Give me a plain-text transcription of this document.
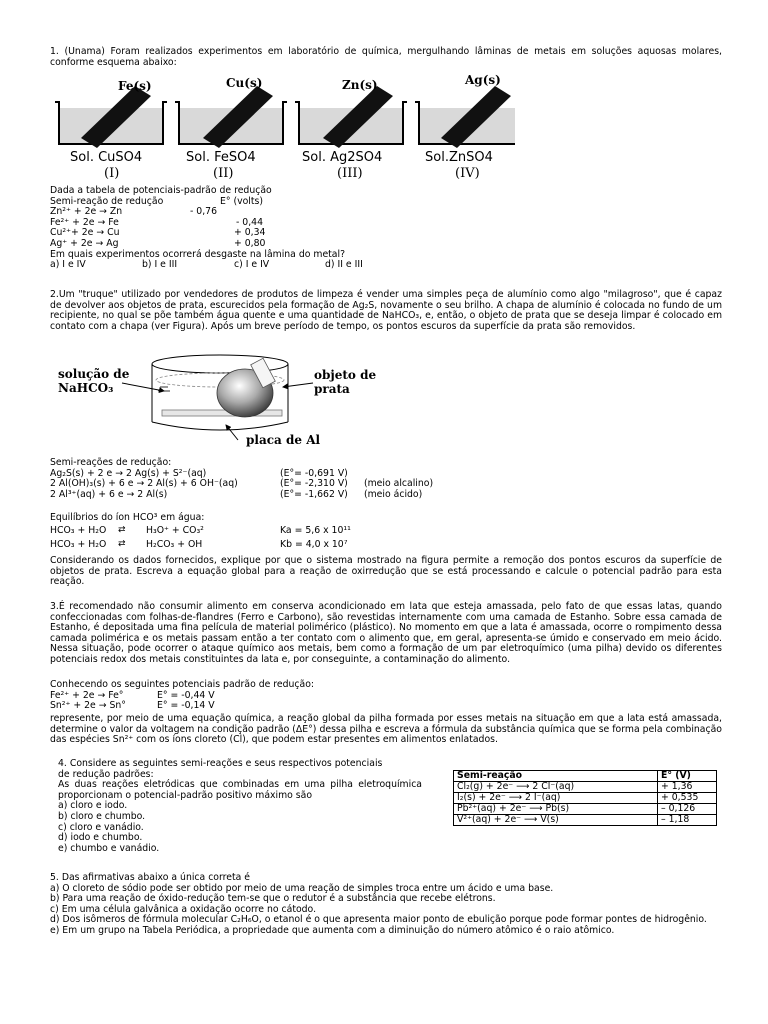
1. (Unama) Foram realizados experimentos em laboratório de química, mergulhando lâminas de metais em soluções aquosas molares, conforme esquema abaixo:
Fe(s)	Cu(s)	Zn(s)	Ag(s)
Sol. CuSO4	Sol. FeSO4	Sol. Ag2SO4	Sol.ZnSO4
(I)	(II)	(III)	(IV)
Dada a tabela de potenciais-padrão de redução
Semi-reação de redução	E° (volts)
Zn²⁺ + 2e → Zn	- 0,76
Fe²⁺ + 2e → Fe	- 0,44
Cu²⁺+ 2e → Cu	+ 0,34
Ag⁺ + 2e → Ag	+ 0,80
Em quais experimentos ocorrerá desgaste na lâmina do metal?
a) I e IV	b) I e III	c) I e IV	d) II e III
2.Um "truque" utilizado por vendedores de produtos de limpeza é vender uma simples peça de alumínio como algo "milagroso", que é capaz de devolver aos objetos de prata, escurecidos pela formação de Ag₂S, novamente o seu brilho. A chapa de alumínio é colocada no fundo de um recipiente, no qual se põe também água quente e uma quantidade de NaHCO₃, e, então, o objeto de prata que se deseja limpar é colocado em contato com a chapa (ver Figura). Após um breve período de tempo, os pontos escuros da superfície da prata são removidos.
solução de NaHCO₃
objeto de prata
placa de Al
Semi-reações de redução:
Ag₂S(s) + 2 e → 2 Ag(s) + S²⁻(aq)	(E°= -0,691 V)
2 Al(OH)₃(s) + 6 e → 2 Al(s) + 6 OH⁻(aq)	(E°= -2,310 V) (meio alcalino)
2 Al³⁺(aq) + 6 e → 2 Al(s)	(E°= -1,662 V) (meio ácido)
Equilíbrios do íon HCO³ em água:
HCO₃ + H₂O ⇄ H₃O⁺ + CO₃²	Ka = 5,6 x 10¹¹
HCO₃ + H₂O ⇄ H₂CO₃ + OH	Kb = 4,0 x 10⁷
Considerando os dados fornecidos, explique por que o sistema mostrado na figura permite a remoção dos pontos escuros da superfície de objetos de prata. Escreva a equação global para a reação de oxirredução que se está processando e calcule o potencial padrão para esta reação.
3.É recomendado não consumir alimento em conserva acondicionado em lata que esteja amassada, pelo fato de que essas latas, quando confeccionadas com folhas-de-flandres (Ferro e Carbono), são revestidas internamente com uma camada de Estanho. Sobre essa camada de Estanho, é depositada uma fina película de material polimérico (plástico). No momento em que a lata é amassada, ocorre o rompimento dessa camada polimérica e os metais passam então a ter contato com o alimento que, em geral, apresenta-se úmido e conservado em meio ácido. Nessa situação, pode ocorrer o ataque químico aos metais, bem como a formação de um par eletroquímico (uma pilha) devido os diferentes potenciais redox dos metais constituintes da lata e, por conseguinte, a contaminação do alimento.
Conhecendo os seguintes potenciais padrão de redução:
Fe²⁺ + 2e → Fe°	E° = -0,44 V
Sn²⁺ + 2e → Sn°	E° = -0,14 V
represente, por meio de uma equação química, a reação global da pilha formada por esses metais na situação em que a lata está amassada, determine o valor da voltagem na condição padrão (ΔE°) dessa pilha e escreva a fórmula da substância química que se forma pela combinação das espécies Sn²⁺ com os íons cloreto (Cl), que podem estar presentes em alimentos enlatados.
4. Considere as seguintes semi-reações e seus respectivos potenciais
de redução padrões:
As duas reações eletródicas que combinadas em uma pilha eletroquímica proporcionam o potencial-padrão positivo máximo são
a) cloro e iodo.
b) cloro e chumbo.
c) cloro e vanádio.
d) iodo e chumbo.
e) chumbo e vanádio.
Semi-reação	E° (V)
Cl₂(g) + 2e⁻ ⟶ 2 Cl⁻(aq)	+ 1,36
I₂(s) + 2e⁻ ⟶ 2 I⁻(aq)	+ 0,535
Pb²⁺(aq) + 2e⁻ ⟶ Pb(s)	– 0,126
V²⁺(aq) + 2e⁻ ⟶ V(s)	– 1,18
5. Das afirmativas abaixo a única correta é
a) O cloreto de sódio pode ser obtido por meio de uma reação de simples troca entre um ácido e uma base.
b) Para uma reação de óxido-redução tem-se que o redutor é a substância que recebe elétrons.
c) Em uma célula galvânica a oxidação ocorre no cátodo.
d) Dos isômeros de fórmula molecular C₂H₆O, o etanol é o que apresenta maior ponto de ebulição porque pode formar pontes de hidrogênio.
e) Em um grupo na Tabela Periódica, a propriedade que aumenta com a diminuição do número atômico é o raio atômico.
